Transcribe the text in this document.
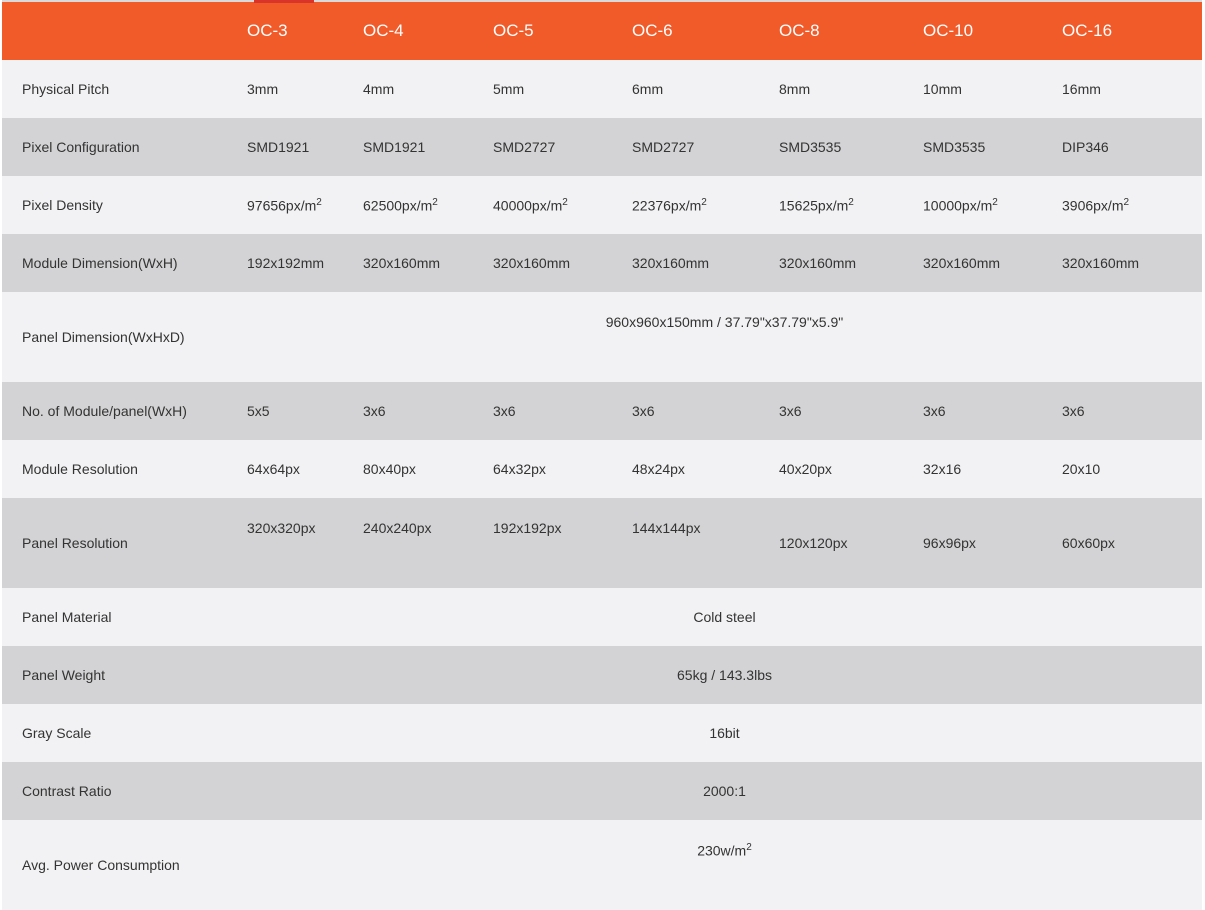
	OC-3	OC-4	OC-5	OC-6	OC-8	OC-10	OC-16
Physical Pitch	3mm	4mm	5mm	6mm	8mm	10mm	16mm
Pixel Configuration	SMD1921	SMD1921	SMD2727	SMD2727	SMD3535	SMD3535	DIP346
Pixel Density	$97656px/m^2$	$62500px/m^2$	$40000px/m^2$	$22376px/m^2$	$15625px/m^2$	$10000px/m^2$	$3906px/m^2$
Module Dimension(WxH)	192x192mm	320x160mm	320x160mm	320x160mm	320x160mm	320x160mm	320x160mm
Panel Dimension(WxHxD)	960x960x150mm / 37.79"x37.79"x5.9"						
No. of Module/panel(WxH)	5x5	3x6	3x6	3x6	3x6	3x6	3x6
Module Resolution	64x64px	80x40px	64x32px	48x24px	40x20px	32x16	20x10
Panel Resolution	320x320px	240x240px	192x192px	144x144px	120x120px	96x96px	60x60px
Panel Material	Cold steel						
Panel Weight	65kg / 143.3lbs						
Gray Scale	16bit						
Contrast Ratio	2000:1						
Avg. Power Consumption	$230w/m^2$
